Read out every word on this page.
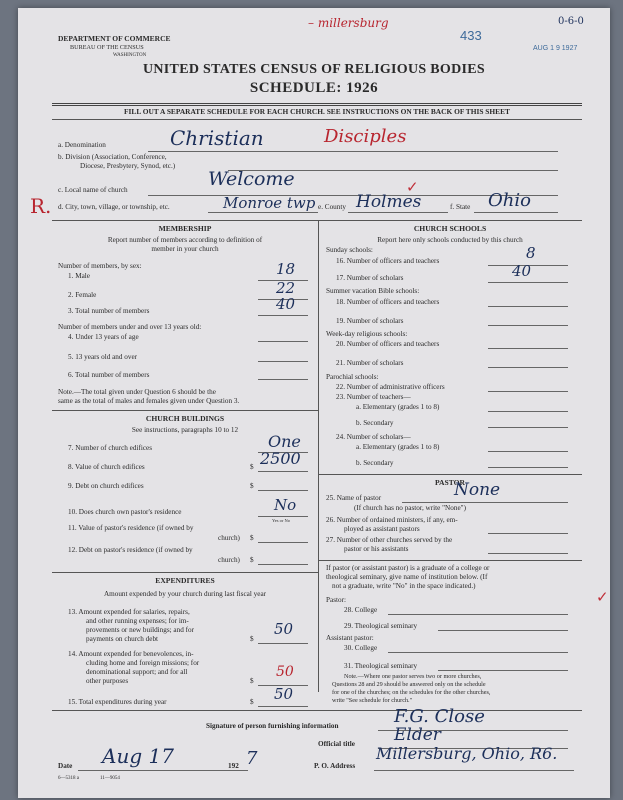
DEPARTMENT OF COMMERCE
BUREAU OF THE CENSUS
WASHINGTON
– millersburg
433
AUG 1 9 1927
0-6-0
UNITED STATES CENSUS OF RELIGIOUS BODIES
SCHEDULE: 1926
FILL OUT A SEPARATE SCHEDULE FOR EACH CHURCH. SEE INSTRUCTIONS ON THE BACK OF THIS SHEET
a. Denomination	Christian	Disciples
b. Division (Association, Conference,
Diocese, Presbytery, Synod, etc.)
c. Local name of church	Welcome
R. d. City, town, village, or township, etc.	Monroe twp e. County Holmes
✓
f. State Ohio
MEMBERSHIP
Report number of members according to definition of
member in your church
Number of members, by sex:
1. Male	18
2. Female	22
3. Total number of members	40
Number of members under and over 13 years old:
4. Under 13 years of age
5. 13 years old and over
6. Total number of members
Note.—The total given under Question 6 should be the
same as the total of males and females given under Question 3.
CHURCH BUILDINGS
See instructions, paragraphs 10 to 12
7. Number of church edifices	One
8. Value of church edifices	$ 2500
9. Debt on church edifices	$
10. Does church own pastor's residence	No
Yes or No
11. Value of pastor's residence (if owned by
church) $
12. Debt on pastor's residence (if owned by
church) $
EXPENDITURES
Amount expended by your church during last fiscal year
13. Amount expended for salaries, repairs,
and other running expenses; for im-
provements or new buildings; and for
payments on church debt	$
50
14. Amount expended for benevolences, in-
cluding home and foreign missions; for
denominational support; and for all
other purposes	$
50
15. Total expenditures during year	$ 50
CHURCH SCHOOLS
Report here only schools conducted by this church
Sunday schools:
16. Number of officers and teachers	8
17. Number of scholars	40
Summer vacation Bible schools:
18. Number of officers and teachers
19. Number of scholars
Week-day religious schools:
20. Number of officers and teachers
21. Number of scholars
Parochial schools:
22. Number of administrative officers
23. Number of teachers—
a. Elementary (grades 1 to 8)
b. Secondary
24. Number of scholars—
a. Elementary (grades 1 to 8)
b. Secondary
PASTOR
25. Name of pastor	None
(If church has no pastor, write "None")
26. Number of ordained ministers, if any, em-
ployed as assistant pastors
27. Number of other churches served by the
pastor or his assistants
If pastor (or assistant pastor) is a graduate of a college or
theological seminary, give name of institution below. (If
not a graduate, write "No" in the space indicated.)
Pastor:
28. College
29. Theological seminary
✓
Assistant pastor:
30. College
31. Theological seminary
Note.—Where one pastor serves two or more churches,
Questions 28 and 29 should be answered only on the schedule
for one of the churches; on the schedules for the other churches,
write "See schedule for church."
Signature of person furnishing information	F.G. Close
Official title Elder
Date Aug 17	192 7	P. O. Address
Millersburg, Ohio, R6.
6—5318 a	11—9054
